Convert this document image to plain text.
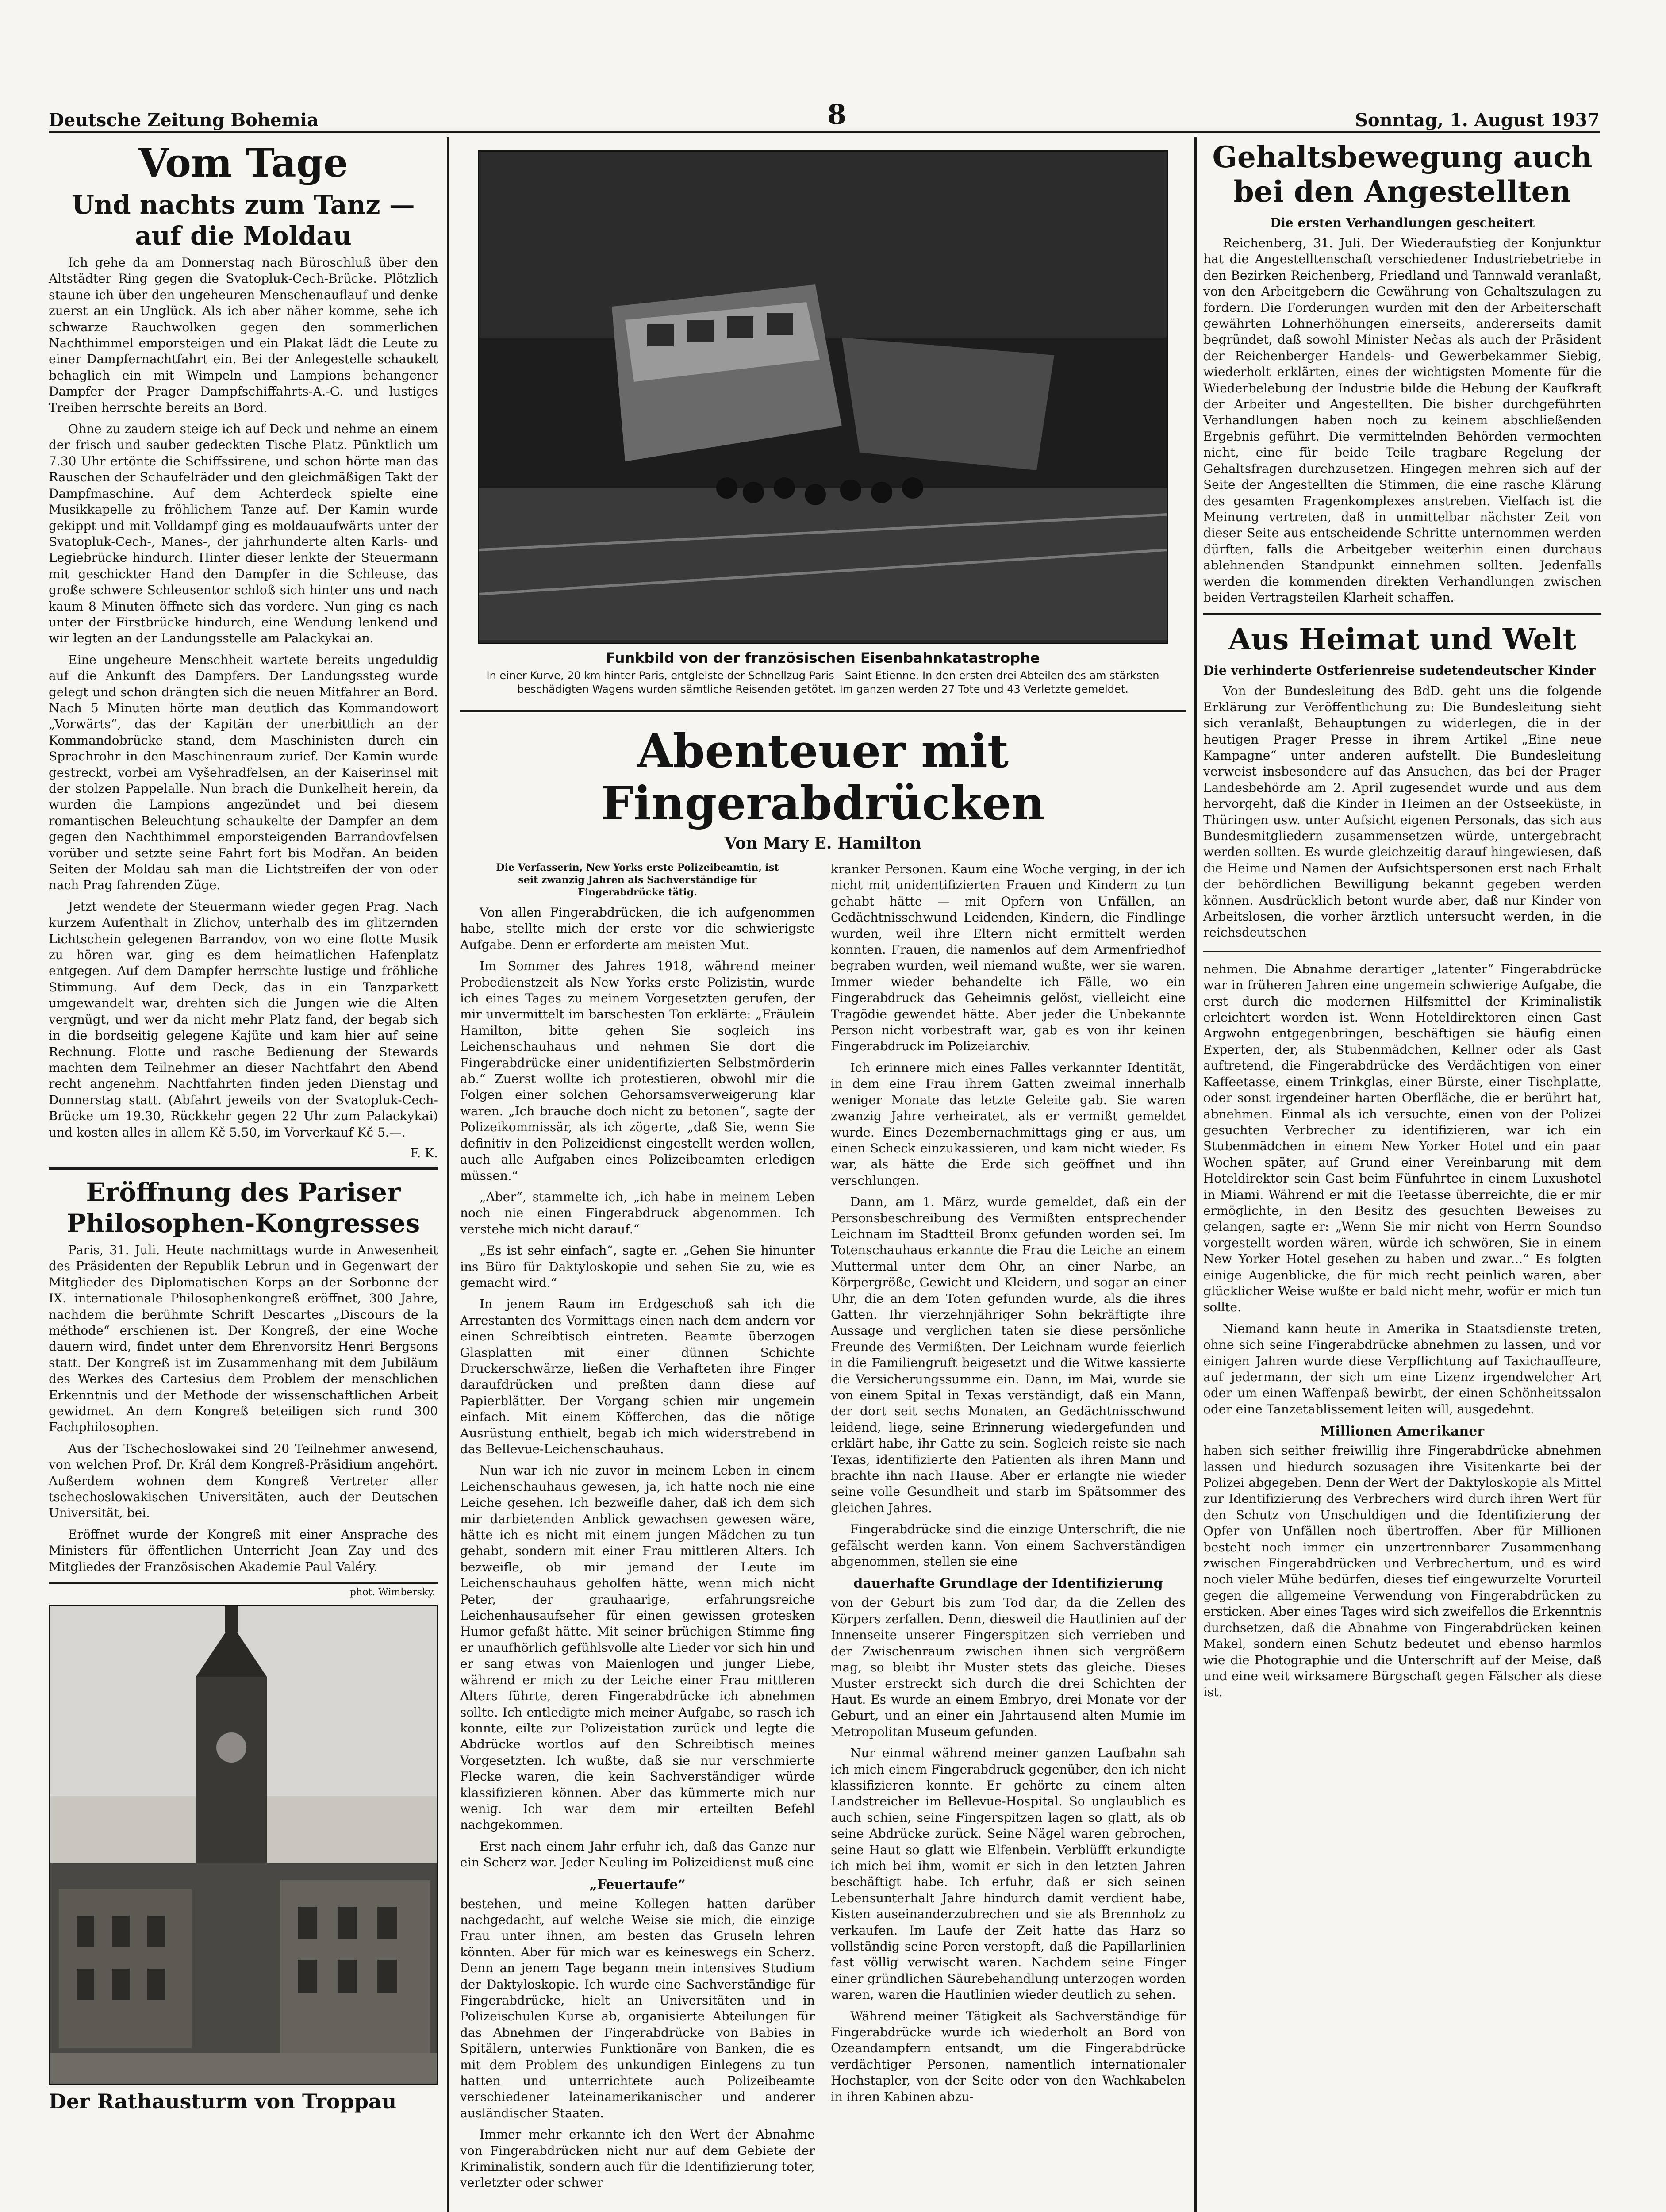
Deutsche Zeitung Bohemia	8	Sonntag, 1. August 1937
Vom Tage
Und nachts zum Tanz — auf die Moldau

Ich gehe da am Donnerstag nach Büroschluß über den Altstädter Ring gegen die Svatopluk-Cech-Brücke. Plötzlich staune ich über den ungeheuren Menschenauflauf und denke zuerst an ein Unglück. Als ich aber näher komme, sehe ich schwarze Rauchwolken gegen den sommerlichen Nachthimmel emporsteigen und ein Plakat lädt die Leute zu einer Dampfernachtfahrt ein. Bei der Anlegestelle schaukelt behaglich ein mit Wimpeln und Lampions behangener Dampfer der Prager Dampfschiffahrts-A.-G. und lustiges Treiben herrschte bereits an Bord.

Ohne zu zaudern steige ich auf Deck und nehme an einem der frisch und sauber gedeckten Tische Platz. Pünktlich um 7.30 Uhr ertönte die Schiffssirene, und schon hörte man das Rauschen der Schaufelräder und den gleichmäßigen Takt der Dampfmaschine. Auf dem Achterdeck spielte eine Musikkapelle zu fröhlichem Tanze auf. Der Kamin wurde gekippt und mit Volldampf ging es moldauaufwärts unter der Svatopluk-Cech-, Manes-, der jahrhunderte alten Karls- und Legiebrücke hindurch. Hinter dieser lenkte der Steuermann mit geschickter Hand den Dampfer in die Schleuse, das große schwere Schleusentor schloß sich hinter uns und nach kaum 8 Minuten öffnete sich das vordere. Nun ging es nach unter der Firstbrücke hindurch, eine Wendung lenkend und wir legten an der Landungsstelle am Palackykai an.

Eine ungeheure Menschheit wartete bereits ungeduldig auf die Ankunft des Dampfers. Der Landungssteg wurde gelegt und schon drängten sich die neuen Mitfahrer an Bord. Nach 5 Minuten hörte man deutlich das Kommandowort „Vorwärts“, das der Kapitän der unerbittlich an der Kommandobrücke stand, dem Maschinisten durch ein Sprachrohr in den Maschinenraum zurief. Der Kamin wurde gestreckt, vorbei am Vyšehradfelsen, an der Kaiserinsel mit der stolzen Pappelalle. Nun brach die Dunkelheit herein, da wurden die Lampions angezündet und bei diesem romantischen Beleuchtung schaukelte der Dampfer an dem gegen den Nachthimmel emporsteigenden Barrandovfelsen vorüber und setzte seine Fahrt fort bis Modřan. An beiden Seiten der Moldau sah man die Lichtstreifen der von oder nach Prag fahrenden Züge.

Jetzt wendete der Steuermann wieder gegen Prag. Nach kurzem Aufenthalt in Zlichov, unterhalb des im glitzernden Lichtschein gelegenen Barrandov, von wo eine flotte Musik zu hören war, ging es dem heimatlichen Hafenplatz entgegen. Auf dem Dampfer herrschte lustige und fröhliche Stimmung. Auf dem Deck, das in ein Tanzparkett umgewandelt war, drehten sich die Jungen wie die Alten vergnügt, und wer da nicht mehr Platz fand, der begab sich in die bordseitig gelegene Kajüte und kam hier auf seine Rechnung. Flotte und rasche Bedienung der Stewards machten dem Teilnehmer an dieser Nachtfahrt den Abend recht angenehm. Nachtfahrten finden jeden Dienstag und Donnerstag statt. (Abfahrt jeweils von der Svatopluk-Cech-Brücke um 19.30, Rückkehr gegen 22 Uhr zum Palackykai) und kosten alles in allem Kč 5.50, im Vorverkauf Kč 5.—.

F. K.
Eröffnung des Pariser Philosophen-Kongresses

Paris, 31. Juli. Heute nachmittags wurde in Anwesenheit des Präsidenten der Republik Lebrun und in Gegenwart der Mitglieder des Diplomatischen Korps an der Sorbonne der IX. internationale Philosophenkongreß eröffnet, 300 Jahre, nachdem die berühmte Schrift Descartes „Discours de la méthode“ erschienen ist. Der Kongreß, der eine Woche dauern wird, findet unter dem Ehrenvorsitz Henri Bergsons statt. Der Kongreß ist im Zusammenhang mit dem Jubiläum des Werkes des Cartesius dem Problem der menschlichen Erkenntnis und der Methode der wissenschaftlichen Arbeit gewidmet. An dem Kongreß beteiligen sich rund 300 Fachphilosophen.

Aus der Tschechoslowakei sind 20 Teilnehmer anwesend, von welchen Prof. Dr. Král dem Kongreß-Präsidium angehört. Außerdem wohnen dem Kongreß Vertreter aller tschechoslowakischen Universitäten, auch der Deutschen Universität, bei.

Eröffnet wurde der Kongreß mit einer Ansprache des Ministers für öffentlichen Unterricht Jean Zay und des Mitgliedes der Französischen Akademie Paul Valéry.

phot. Wimbersky.
Der Rathausturm von Troppau
Funkbild von der französischen Eisenbahnkatastrophe
In einer Kurve, 20 km hinter Paris, entgleiste der Schnellzug Paris—Saint Etienne. In den ersten drei Abteilen des am stärksten beschädigten Wagens wurden sämtliche Reisenden getötet. Im ganzen werden 27 Tote und 43 Verletzte gemeldet.
Abenteuer mit Fingerabdrücken
Von Mary E. Hamilton
Die Verfasserin, New Yorks erste Polizeibeamtin, ist seit zwanzig Jahren als Sachverständige für Fingerabdrücke tätig.

Von allen Fingerabdrücken, die ich aufgenommen habe, stellte mich der erste vor die schwierigste Aufgabe. Denn er erforderte am meisten Mut.

Im Sommer des Jahres 1918, während meiner Probedienstzeit als New Yorks erste Polizistin, wurde ich eines Tages zu meinem Vorgesetzten gerufen, der mir unvermittelt im barschesten Ton erklärte: „Fräulein Hamilton, bitte gehen Sie sogleich ins Leichenschauhaus und nehmen Sie dort die Fingerabdrücke einer unidentifizierten Selbstmörderin ab.“ Zuerst wollte ich protestieren, obwohl mir die Folgen einer solchen Gehorsamsverweigerung klar waren. „Ich brauche doch nicht zu betonen“, sagte der Polizeikommissär, als ich zögerte, „daß Sie, wenn Sie definitiv in den Polizeidienst eingestellt werden wollen, auch alle Aufgaben eines Polizeibeamten erledigen müssen.“

„Aber“, stammelte ich, „ich habe in meinem Leben noch nie einen Fingerabdruck abgenommen. Ich verstehe mich nicht darauf.“

„Es ist sehr einfach“, sagte er. „Gehen Sie hinunter ins Büro für Daktyloskopie und sehen Sie zu, wie es gemacht wird.“

In jenem Raum im Erdgeschoß sah ich die Arrestanten des Vormittags einen nach dem andern vor einen Schreibtisch eintreten. Beamte überzogen Glasplatten mit einer dünnen Schichte Druckerschwärze, ließen die Verhafteten ihre Finger daraufdrücken und preßten dann diese auf Papierblätter. Der Vorgang schien mir ungemein einfach. Mit einem Köfferchen, das die nötige Ausrüstung enthielt, begab ich mich widerstrebend in das Bellevue-Leichenschauhaus.

Nun war ich nie zuvor in meinem Leben in einem Leichenschauhaus gewesen, ja, ich hatte noch nie eine Leiche gesehen. Ich bezweifle daher, daß ich dem sich mir darbietenden Anblick gewachsen gewesen wäre, hätte ich es nicht mit einem jungen Mädchen zu tun gehabt, sondern mit einer Frau mittleren Alters. Ich bezweifle, ob mir jemand der Leute im Leichenschauhaus geholfen hätte, wenn mich nicht Peter, der grauhaarige, erfahrungsreiche Leichenhausaufseher für einen gewissen grotesken Humor gefaßt hätte. Mit seiner brüchigen Stimme fing er unaufhörlich gefühlsvolle alte Lieder vor sich hin und er sang etwas von Maienlogen und junger Liebe, während er mich zu der Leiche einer Frau mittleren Alters führte, deren Fingerabdrücke ich abnehmen sollte. Ich entledigte mich meiner Aufgabe, so rasch ich konnte, eilte zur Polizeistation zurück und legte die Abdrücke wortlos auf den Schreibtisch meines Vorgesetzten. Ich wußte, daß sie nur verschmierte Flecke waren, die kein Sachverständiger würde klassifizieren können. Aber das kümmerte mich nur wenig. Ich war dem mir erteilten Befehl nachgekommen.

Erst nach einem Jahr erfuhr ich, daß das Ganze nur ein Scherz war. Jeder Neuling im Polizeidienst muß eine

„Feuertaufe“

bestehen, und meine Kollegen hatten darüber nachgedacht, auf welche Weise sie mich, die einzige Frau unter ihnen, am besten das Gruseln lehren könnten. Aber für mich war es keineswegs ein Scherz. Denn an jenem Tage begann mein intensives Studium der Daktyloskopie. Ich wurde eine Sachverständige für Fingerabdrücke, hielt an Universitäten und in Polizeischulen Kurse ab, organisierte Abteilungen für das Abnehmen der Fingerabdrücke von Babies in Spitälern, unterwies Funktionäre von Banken, die es mit dem Problem des unkundigen Einlegens zu tun hatten und unterrichtete auch Polizeibeamte verschiedener lateinamerikanischer und anderer ausländischer Staaten.

Immer mehr erkannte ich den Wert der Abnahme von Fingerabdrücken nicht nur auf dem Gebiete der Kriminalistik, sondern auch für die Identifizierung toter, verletzter oder schwer

kranker Personen. Kaum eine Woche verging, in der ich nicht mit unidentifizierten Frauen und Kindern zu tun gehabt hätte — mit Opfern von Unfällen, an Gedächtnisschwund Leidenden, Kindern, die Findlinge wurden, weil ihre Eltern nicht ermittelt werden konnten. Frauen, die namenlos auf dem Armenfriedhof begraben wurden, weil niemand wußte, wer sie waren. Immer wieder behandelte ich Fälle, wo ein Fingerabdruck das Geheimnis gelöst, vielleicht eine Tragödie gewendet hätte. Aber jeder die Unbekannte Person nicht vorbestraft war, gab es von ihr keinen Fingerabdruck im Polizeiarchiv.

Ich erinnere mich eines Falles verkannter Identität, in dem eine Frau ihrem Gatten zweimal innerhalb weniger Monate das letzte Geleite gab. Sie waren zwanzig Jahre verheiratet, als er vermißt gemeldet wurde. Eines Dezembernachmittags ging er aus, um einen Scheck einzukassieren, und kam nicht wieder. Es war, als hätte die Erde sich geöffnet und ihn verschlungen.

Dann, am 1. März, wurde gemeldet, daß ein der Personsbeschreibung des Vermißten entsprechender Leichnam im Stadtteil Bronx gefunden worden sei. Im Totenschauhaus erkannte die Frau die Leiche an einem Muttermal unter dem Ohr, an einer Narbe, an Körpergröße, Gewicht und Kleidern, und sogar an einer Uhr, die an dem Toten gefunden wurde, als die ihres Gatten. Ihr vierzehnjähriger Sohn bekräftigte ihre Aussage und verglichen taten sie diese persönliche Freunde des Vermißten. Der Leichnam wurde feierlich in die Familiengruft beigesetzt und die Witwe kassierte die Versicherungssumme ein. Dann, im Mai, wurde sie von einem Spital in Texas verständigt, daß ein Mann, der dort seit sechs Monaten, an Gedächtnisschwund leidend, liege, seine Erinnerung wiedergefunden und erklärt habe, ihr Gatte zu sein. Sogleich reiste sie nach Texas, identifizierte den Patienten als ihren Mann und brachte ihn nach Hause. Aber er erlangte nie wieder seine volle Gesundheit und starb im Spätsommer des gleichen Jahres.

Fingerabdrücke sind die einzige Unterschrift, die nie gefälscht werden kann. Von einem Sachverständigen abgenommen, stellen sie eine

dauerhafte Grundlage der Identifizierung

von der Geburt bis zum Tod dar, da die Zellen des Körpers zerfallen. Denn, diesweil die Hautlinien auf der Innenseite unserer Fingerspitzen sich verrieben und der Zwischenraum zwischen ihnen sich vergrößern mag, so bleibt ihr Muster stets das gleiche. Dieses Muster erstreckt sich durch die drei Schichten der Haut. Es wurde an einem Embryo, drei Monate vor der Geburt, und an einer ein Jahrtausend alten Mumie im Metropolitan Museum gefunden.

Nur einmal während meiner ganzen Laufbahn sah ich mich einem Fingerabdruck gegenüber, den ich nicht klassifizieren konnte. Er gehörte zu einem alten Landstreicher im Bellevue-Hospital. So unglaublich es auch schien, seine Fingerspitzen lagen so glatt, als ob seine Abdrücke zurück. Seine Nägel waren gebrochen, seine Haut so glatt wie Elfenbein. Verblüfft erkundigte ich mich bei ihm, womit er sich in den letzten Jahren beschäftigt habe. Ich erfuhr, daß er sich seinen Lebensunterhalt Jahre hindurch damit verdient habe, Kisten auseinanderzubrechen und sie als Brennholz zu verkaufen. Im Laufe der Zeit hatte das Harz so vollständig seine Poren verstopft, daß die Papillarlinien fast völlig verwischt waren. Nachdem seine Finger einer gründlichen Säurebehandlung unterzogen worden waren, waren die Hautlinien wieder deutlich zu sehen.

Während meiner Tätigkeit als Sachverständige für Fingerabdrücke wurde ich wiederholt an Bord von Ozeandampfern entsandt, um die Fingerabdrücke verdächtiger Personen, namentlich internationaler Hochstapler, von der Seite oder von den Wachkabelen in ihren Kabinen abzu-

Gehaltsbewegung auch bei den Angestellten
Die ersten Verhandlungen gescheitert

Reichenberg, 31. Juli. Der Wiederaufstieg der Konjunktur hat die Angestelltenschaft verschiedener Industriebetriebe in den Bezirken Reichenberg, Friedland und Tannwald veranlaßt, von den Arbeitgebern die Gewährung von Gehaltszulagen zu fordern. Die Forderungen wurden mit den der Arbeiterschaft gewährten Lohnerhöhungen einerseits, andererseits damit begründet, daß sowohl Minister Nečas als auch der Präsident der Reichenberger Handels- und Gewerbekammer Siebig, wiederholt erklärten, eines der wichtigsten Momente für die Wiederbelebung der Industrie bilde die Hebung der Kaufkraft der Arbeiter und Angestellten. Die bisher durchgeführten Verhandlungen haben noch zu keinem abschließenden Ergebnis geführt. Die vermittelnden Behörden vermochten nicht, eine für beide Teile tragbare Regelung der Gehaltsfragen durchzusetzen. Hingegen mehren sich auf der Seite der Angestellten die Stimmen, die eine rasche Klärung des gesamten Fragenkomplexes anstreben. Vielfach ist die Meinung vertreten, daß in unmittelbar nächster Zeit von dieser Seite aus entscheidende Schritte unternommen werden dürften, falls die Arbeitgeber weiterhin einen durchaus ablehnenden Standpunkt einnehmen sollten. Jedenfalls werden die kommenden direkten Verhandlungen zwischen beiden Vertragsteilen Klarheit schaffen.

Aus Heimat und Welt
Die verhinderte Ostferienreise sudetendeutscher Kinder

Von der Bundesleitung des BdD. geht uns die folgende Erklärung zur Veröffentlichung zu: Die Bundesleitung sieht sich veranlaßt, Behauptungen zu widerlegen, die in der heutigen Prager Presse in ihrem Artikel „Eine neue Kampagne“ unter anderen aufstellt. Die Bundesleitung verweist insbesondere auf das Ansuchen, das bei der Prager Landesbehörde am 2. April zugesendet wurde und aus dem hervorgeht, daß die Kinder in Heimen an der Ostseeküste, in Thüringen usw. unter Aufsicht eigenen Personals, das sich aus Bundesmitgliedern zusammensetzen würde, untergebracht werden sollten. Es wurde gleichzeitig darauf hingewiesen, daß die Heime und Namen der Aufsichtspersonen erst nach Erhalt der behördlichen Bewilligung bekannt gegeben werden können. Ausdrücklich betont wurde aber, daß nur Kinder von Arbeitslosen, die vorher ärztlich untersucht werden, in die reichsdeutschen

nehmen. Die Abnahme derartiger „latenter“ Fingerabdrücke war in früheren Jahren eine ungemein schwierige Aufgabe, die erst durch die modernen Hilfsmittel der Kriminalistik erleichtert worden ist. Wenn Hoteldirektoren einen Gast Argwohn entgegenbringen, beschäftigen sie häufig einen Experten, der, als Stubenmädchen, Kellner oder als Gast auftretend, die Fingerabdrücke des Verdächtigen von einer Kaffeetasse, einem Trinkglas, einer Bürste, einer Tischplatte, oder sonst irgendeiner harten Oberfläche, die er berührt hat, abnehmen. Einmal als ich versuchte, einen von der Polizei gesuchten Verbrecher zu identifizieren, war ich ein Stubenmädchen in einem New Yorker Hotel und ein paar Wochen später, auf Grund einer Vereinbarung mit dem Hoteldirektor sein Gast beim Fünfuhrtee in einem Luxushotel in Miami. Während er mit die Teetasse überreichte, die er mir ermöglichte, in den Besitz des gesuchten Beweises zu gelangen, sagte er: „Wenn Sie mir nicht von Herrn Soundso vorgestellt worden wären, würde ich schwören, Sie in einem New Yorker Hotel gesehen zu haben und zwar...“ Es folgten einige Augenblicke, die für mich recht peinlich waren, aber glücklicher Weise wußte er bald nicht mehr, wofür er mich tun sollte.

Niemand kann heute in Amerika in Staatsdienste treten, ohne sich seine Fingerabdrücke abnehmen zu lassen, und vor einigen Jahren wurde diese Verpflichtung auf Taxichauffeure, auf jedermann, der sich um eine Lizenz irgendwelcher Art oder um einen Waffenpaß bewirbt, der einen Schönheitssalon oder eine Tanzetablissement leiten will, ausgedehnt.

Millionen Amerikaner

haben sich seither freiwillig ihre Fingerabdrücke abnehmen lassen und hiedurch sozusagen ihre Visitenkarte bei der Polizei abgegeben. Denn der Wert der Daktyloskopie als Mittel zur Identifizierung des Verbrechers wird durch ihren Wert für den Schutz von Unschuldigen und die Identifizierung der Opfer von Unfällen noch übertroffen. Aber für Millionen besteht noch immer ein unzertrennbarer Zusammenhang zwischen Fingerabdrücken und Verbrechertum, und es wird noch vieler Mühe bedürfen, dieses tief eingewurzelte Vorurteil gegen die allgemeine Verwendung von Fingerabdrücken zu ersticken. Aber eines Tages wird sich zweifellos die Erkenntnis durchsetzen, daß die Abnahme von Fingerabdrücken keinen Makel, sondern einen Schutz bedeutet und ebenso harmlos wie die Photographie und die Unterschrift auf der Meise, daß und eine weit wirksamere Bürgschaft gegen Fälscher als diese ist.
